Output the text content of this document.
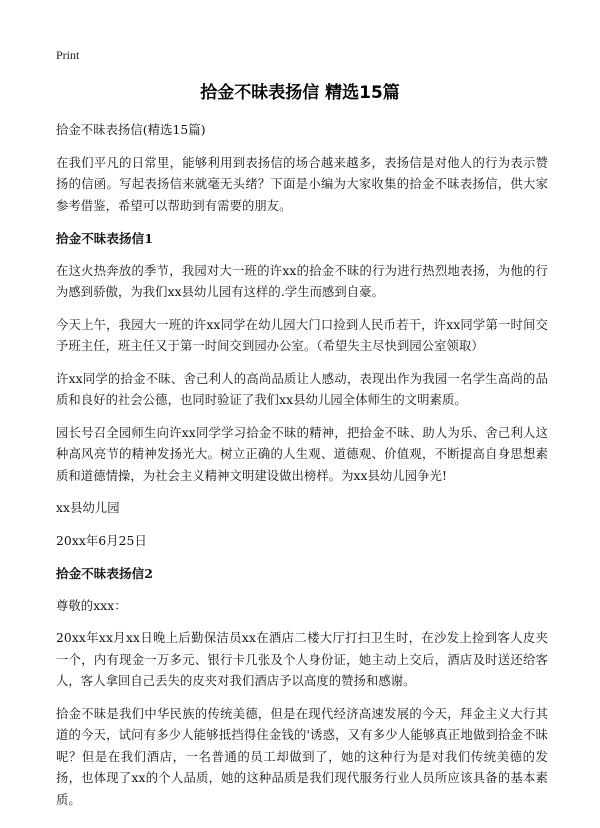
Print
拾金不昧表扬信 精选15篇

拾金不昧表扬信(精选15篇)

在我们平凡的日常里，能够利用到表扬信的场合越来越多，表扬信是对他人的行为表示赞扬的信函。写起表扬信来就毫无头绪？下面是小编为大家收集的拾金不昧表扬信，供大家参考借鉴，希望可以帮助到有需要的朋友。

拾金不昧表扬信1

在这火热奔放的季节，我园对大一班的许xx的拾金不昧的行为进行热烈地表扬，为他的行为感到骄傲，为我们xx县幼儿园有这样的.学生而感到自豪。

今天上午，我园大一班的许xx同学在幼儿园大门口捡到人民币若干，许xx同学第一时间交予班主任，班主任又于第一时间交到园办公室。（希望失主尽快到园公室领取）

许xx同学的拾金不昧、舍己利人的高尚品质让人感动，表现出作为我园一名学生高尚的品质和良好的社会公德，也同时验证了我们xx县幼儿园全体师生的文明素质。

园长号召全园师生向许xx同学学习拾金不昧的精神，把拾金不昧、助人为乐、舍己利人这种高风亮节的精神发扬光大。树立正确的人生观、道德观、价值观，不断提高自身思想素质和道德情操，为社会主义精神文明建设做出榜样。为xx县幼儿园争光!

xx县幼儿园

20xx年6月25日

拾金不昧表扬信2

尊敬的xxx：

20xx年xx月xx日晚上后勤保洁员xx在酒店二楼大厅打扫卫生时，在沙发上捡到客人皮夹一个，内有现金一万多元、银行卡几张及个人身份证，她主动上交后，酒店及时送还给客人，客人拿回自己丢失的皮夹对我们酒店予以高度的赞扬和感谢。

拾金不昧是我们中华民族的传统美德，但是在现代经济高速发展的今天，拜金主义大行其道的今天，试问有多少人能够抵挡得住金钱的'诱惑，又有多少人能够真正地做到拾金不昧呢？但是在我们酒店，一名普通的员工却做到了，她的这种行为是对我们传统美德的发扬，也体现了xx的个人品质，她的这种品质是我们现代服务行业人员所应该具备的基本素质。
